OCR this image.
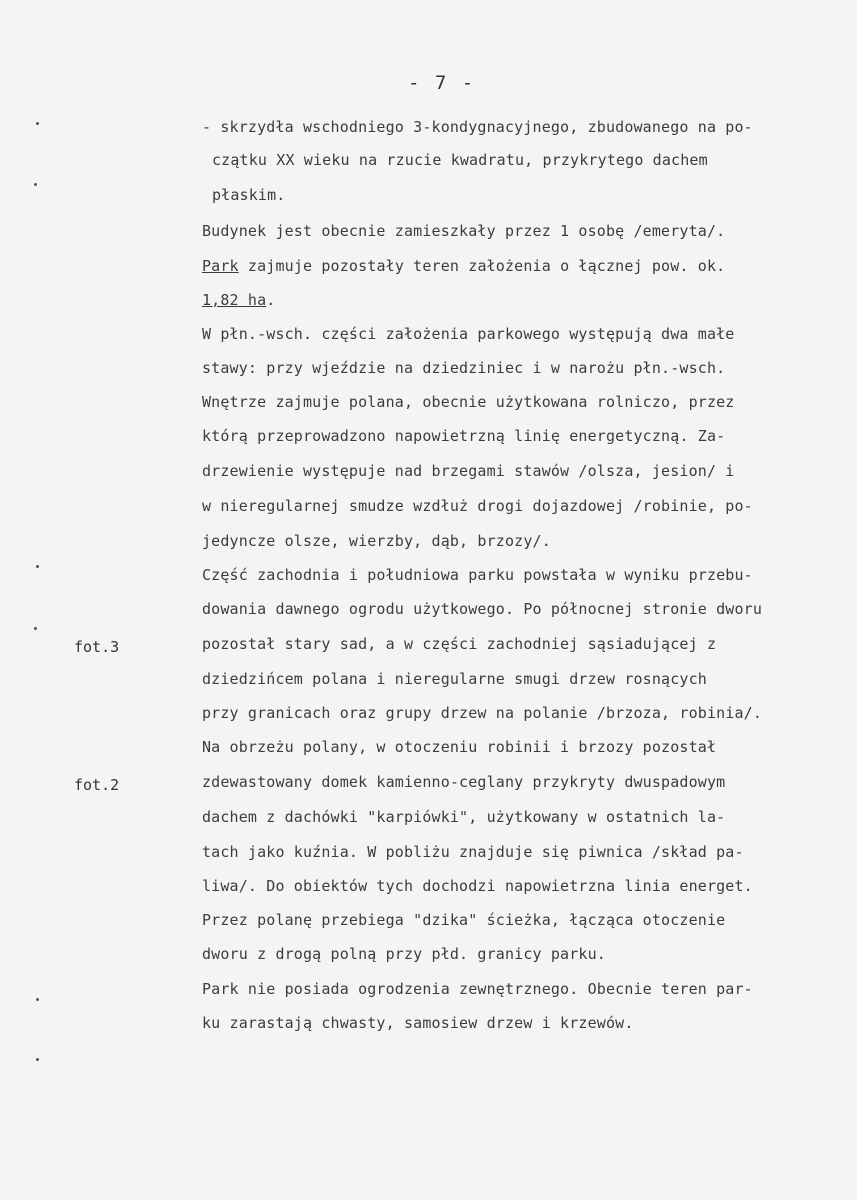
- 7 -
fot.3
fot.2
- skrzydła wschodniego 3-kondygnacyjnego, zbudowanego na po-
czątku XX wieku na rzucie kwadratu, przykrytego dachem
płaskim.
Budynek jest obecnie zamieszkały przez 1 osobę /emeryta/.
Park zajmuje pozostały teren założenia o łącznej pow. ok.
1,82 ha.
W płn.-wsch. części założenia parkowego występują dwa małe
stawy: przy wjeździe na dziedziniec i w narożu płn.-wsch.
Wnętrze zajmuje polana, obecnie użytkowana rolniczo, przez
którą przeprowadzono napowietrzną linię energetyczną. Za-
drzewienie występuje nad brzegami stawów /olsza, jesion/ i
w nieregularnej smudze wzdłuż drogi dojazdowej /robinie, po-
jedyncze olsze, wierzby, dąb, brzozy/.
Część zachodnia i południowa parku powstała w wyniku przebu-
dowania dawnego ogrodu użytkowego. Po północnej stronie dworu
pozostał stary sad, a w części zachodniej sąsiadującej z
dziedzińcem polana i nieregularne smugi drzew rosnących
przy granicach oraz grupy drzew na polanie /brzoza, robinia/.
Na obrzeżu polany, w otoczeniu robinii i brzozy pozostał
zdewastowany domek kamienno-ceglany przykryty dwuspadowym
dachem z dachówki "karpiówki", użytkowany w ostatnich la-
tach jako kuźnia. W pobliżu znajduje się piwnica /skład pa-
liwa/. Do obiektów tych dochodzi napowietrzna linia energet.
Przez polanę przebiega "dzika" ścieżka, łącząca otoczenie
dworu z drogą polną przy płd. granicy parku.
Park nie posiada ogrodzenia zewnętrznego. Obecnie teren par-
ku zarastają chwasty, samosiew drzew i krzewów.
